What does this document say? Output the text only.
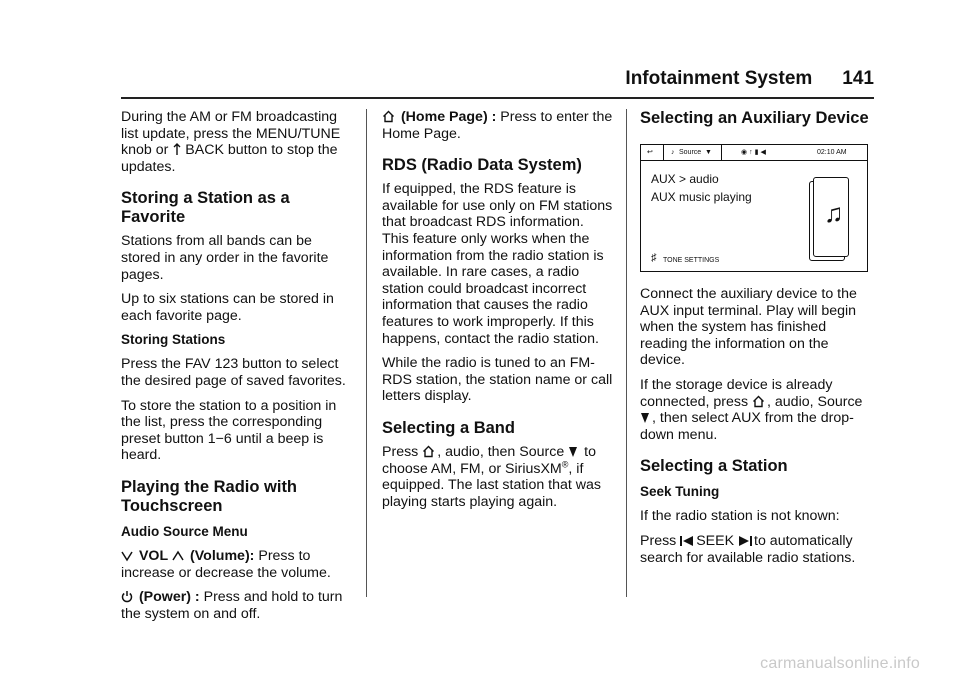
Infotainment System 141

During the AM or FM broadcasting list update, press the MENU/TUNE knob or BACK button to stop the updates.

Storing a Station as a Favorite

Stations from all bands can be stored in any order in the favorite pages.

Up to six stations can be stored in each favorite page.

Storing Stations

Press the FAV 123 button to select the desired page of saved favorites.

To store the station to a position in the list, press the corresponding preset button 1−6 until a beep is heard.

Playing the Radio with Touchscreen
Audio Source Menu

VOL (Volume): Press to increase or decrease the volume.

(Power) : Press and hold to turn the system on and off.

(Home Page) : Press to enter the Home Page.

RDS (Radio Data System)

If equipped, the RDS feature is available for use only on FM stations that broadcast RDS information. This feature only works when the information from the radio station is available. In rare cases, a radio station could broadcast incorrect information that causes the radio features to work improperly. If this happens, contact the radio station.

While the radio is tuned to an FM-RDS station, the station name or call letters display.

Selecting a Band

Press , audio, then Source to choose AM, FM, or SiriusXM®, if equipped. The last station that was playing starts playing again.

Selecting an Auxiliary Device
↩	♪ Source ▼	◉↑▮◀	02:10 AM
AUX > audio
AUX music playing
♫
♯ TONE SETTINGS

Connect the auxiliary device to the AUX input terminal. Play will begin when the system has finished reading the information on the device.

If the storage device is already connected, press , audio, Source
, then select AUX from the drop-down menu.

Selecting a Station
Seek Tuning

If the radio station is not known:

Press SEEK to automatically search for available radio stations.

carmanualsonline.info
